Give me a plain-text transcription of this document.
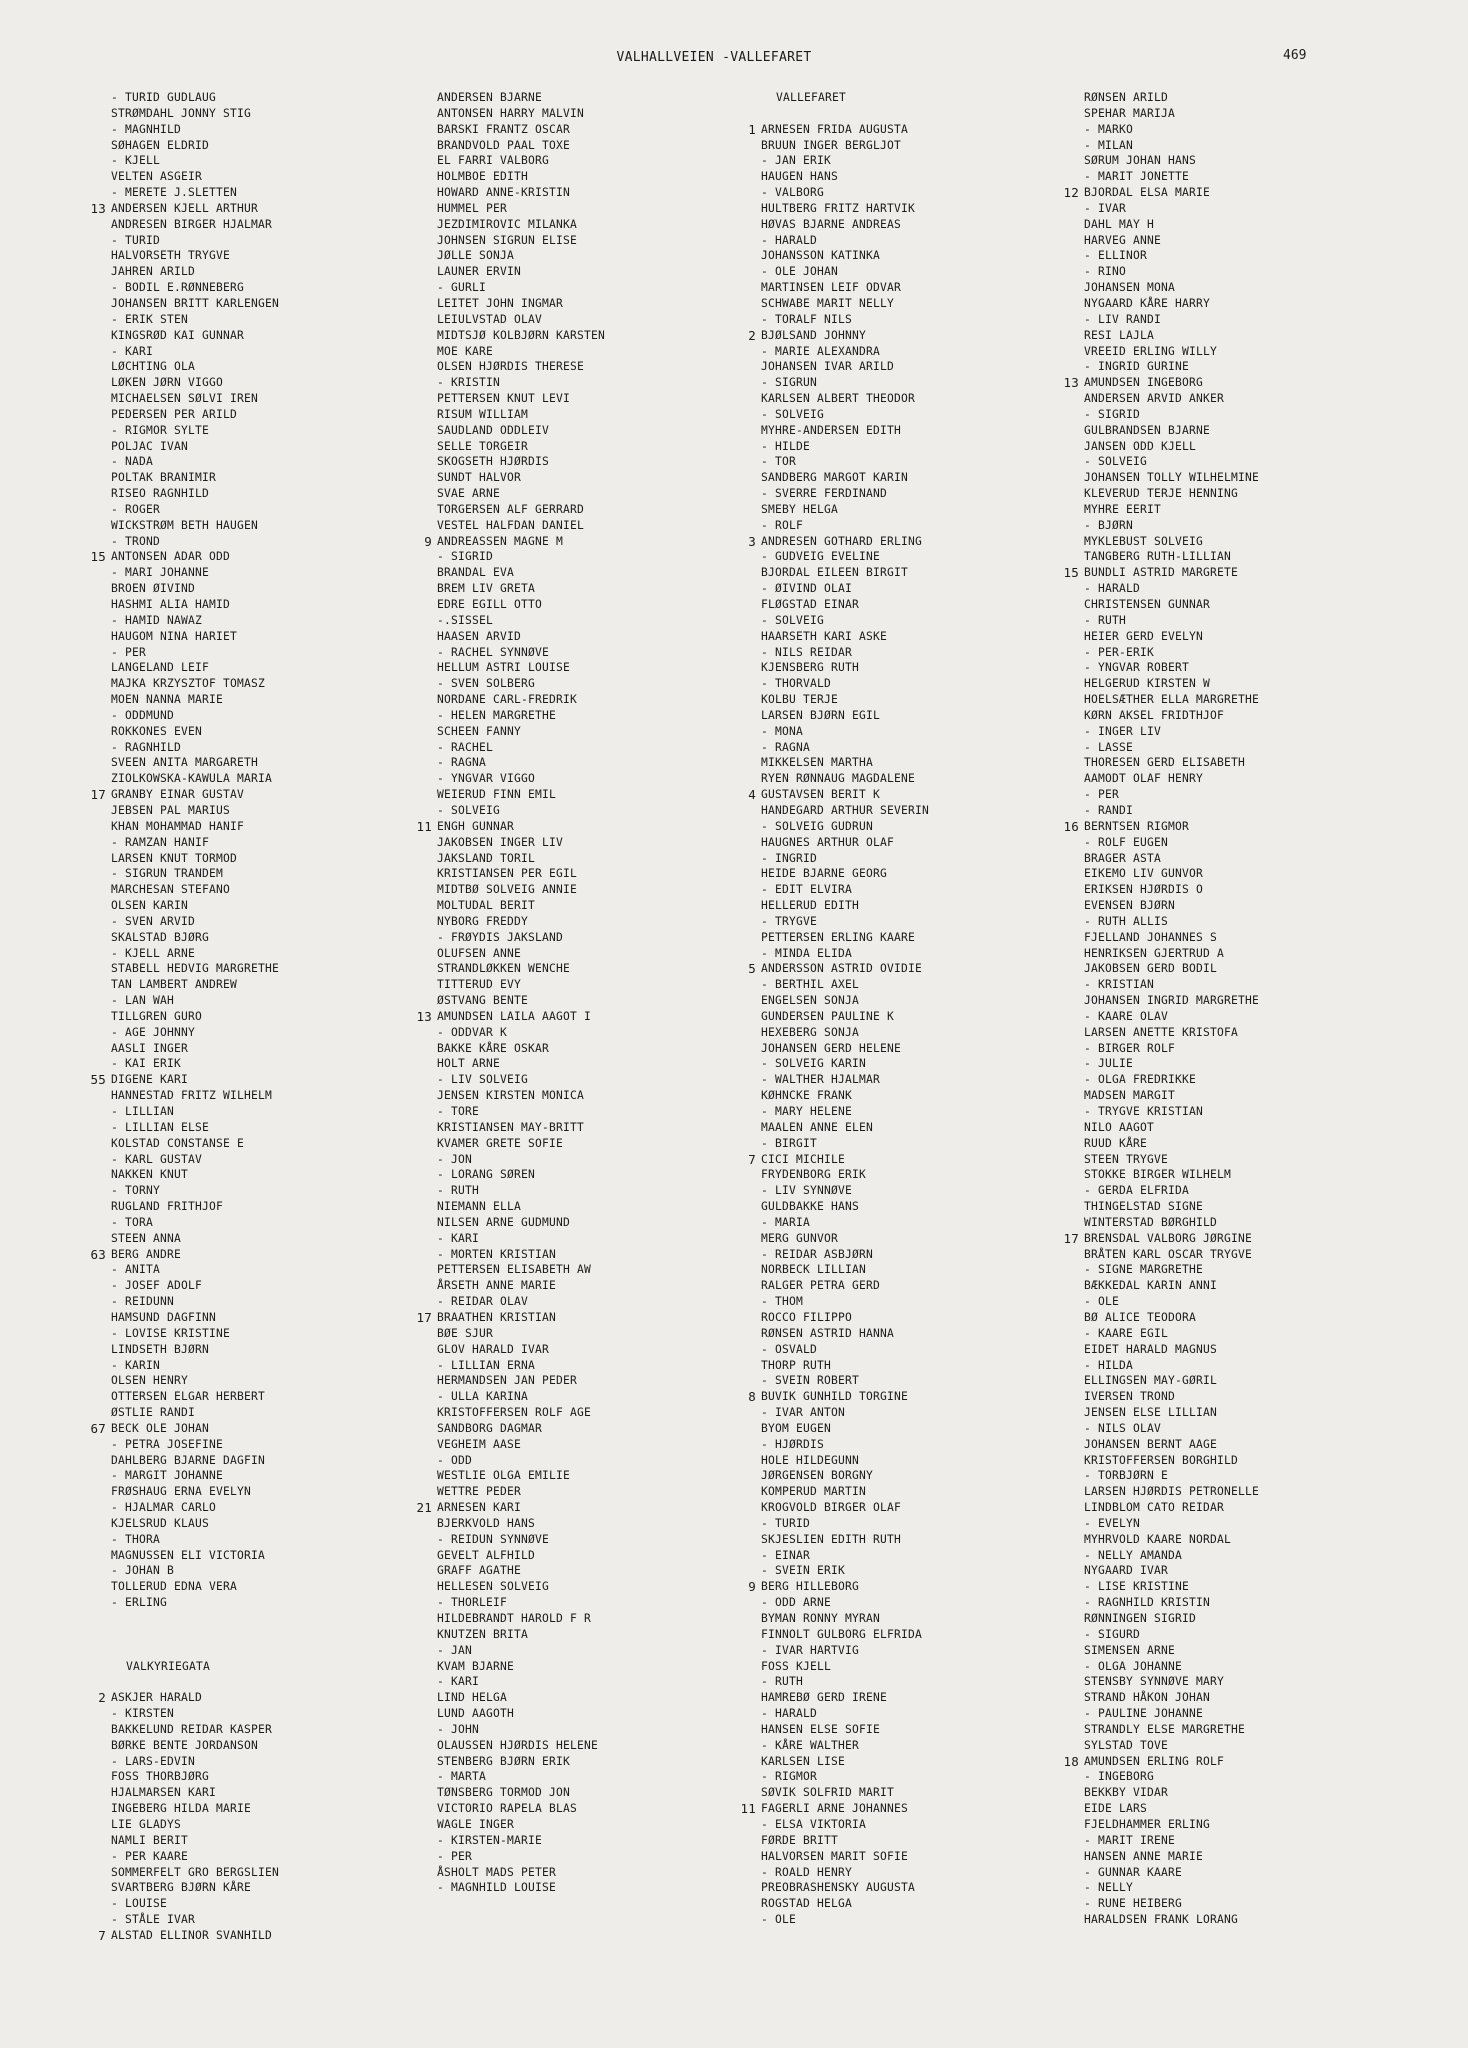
VALHALLVEIEN -VALLEFARET	469
- TURID GUDLAUG
STRØMDAHL JONNY STIG
- MAGNHILD
SØHAGEN ELDRID
- KJELL
VELTEN ASGEIR
- MERETE J.SLETTEN
13 ANDERSEN KJELL ARTHUR
ANDRESEN BIRGER HJALMAR
- TURID
HALVORSETH TRYGVE
JAHREN ARILD
- BODIL E.RØNNEBERG
JOHANSEN BRITT KARLENGEN
- ERIK STEN
KINGSRØD KAI GUNNAR
- KARI
LØCHTING OLA
LØKEN JØRN VIGGO
MICHAELSEN SØLVI IREN
PEDERSEN PER ARILD
- RIGMOR SYLTE
POLJAC IVAN
- NADA
POLTAK BRANIMIR
RISEO RAGNHILD
- ROGER
WICKSTRØM BETH HAUGEN
- TROND
15 ANTONSEN ADAR ODD
- MARI JOHANNE
BROEN ØIVIND
HASHMI ALIA HAMID
- HAMID NAWAZ
HAUGOM NINA HARIET
- PER
LANGELAND LEIF
MAJKA KRZYSZTOF TOMASZ
MOEN NANNA MARIE
- ODDMUND
ROKKONES EVEN
- RAGNHILD
SVEEN ANITA MARGARETH
ZIOLKOWSKA-KAWULA MARIA
17 GRANBY EINAR GUSTAV
JEBSEN PAL MARIUS
KHAN MOHAMMAD HANIF
- RAMZAN HANIF
LARSEN KNUT TORMOD
- SIGRUN TRANDEM
MARCHESAN STEFANO
OLSEN KARIN
- SVEN ARVID
SKALSTAD BJØRG
- KJELL ARNE
STABELL HEDVIG MARGRETHE
TAN LAMBERT ANDREW
- LAN WAH
TILLGREN GURO
- AGE JOHNNY
AASLI INGER
- KAI ERIK
55 DIGENE KARI
HANNESTAD FRITZ WILHELM
- LILLIAN
- LILLIAN ELSE
KOLSTAD CONSTANSE E
- KARL GUSTAV
NAKKEN KNUT
- TORNY
RUGLAND FRITHJOF
- TORA
STEEN ANNA
63 BERG ANDRE
- ANITA
- JOSEF ADOLF
- REIDUNN
HAMSUND DAGFINN
- LOVISE KRISTINE
LINDSETH BJØRN
- KARIN
OLSEN HENRY
OTTERSEN ELGAR HERBERT
ØSTLIE RANDI
67 BECK OLE JOHAN
- PETRA JOSEFINE
DAHLBERG BJARNE DAGFIN
- MARGIT JOHANNE
FRØSHAUG ERNA EVELYN
- HJALMAR CARLO
KJELSRUD KLAUS
- THORA
MAGNUSSEN ELI VICTORIA
- JOHAN B
TOLLERUD EDNA VERA
- ERLING
VALKYRIEGATA
2 ASKJER HARALD
- KIRSTEN
BAKKELUND REIDAR KASPER
BØRKE BENTE JORDANSON
- LARS-EDVIN
FOSS THORBJØRG
HJALMARSEN KARI
INGEBERG HILDA MARIE
LIE GLADYS
NAMLI BERIT
- PER KAARE
SOMMERFELT GRO BERGSLIEN
SVARTBERG BJØRN KÅRE
- LOUISE
- STÅLE IVAR
7 ALSTAD ELLINOR SVANHILD
ANDERSEN BJARNE
ANTONSEN HARRY MALVIN
BARSKI FRANTZ OSCAR
BRANDVOLD PAAL TOXE
EL FARRI VALBORG
HOLMBOE EDITH
HOWARD ANNE-KRISTIN
HUMMEL PER
JEZDIMIROVIC MILANKA
JOHNSEN SIGRUN ELISE
JØLLE SONJA
LAUNER ERVIN
- GURLI
LEITET JOHN INGMAR
LEIULVSTAD OLAV
MIDTSJØ KOLBJØRN KARSTEN
MOE KARE
OLSEN HJØRDIS THERESE
- KRISTIN
PETTERSEN KNUT LEVI
RISUM WILLIAM
SAUDLAND ODDLEIV
SELLE TORGEIR
SKOGSETH HJØRDIS
SUNDT HALVOR
SVAE ARNE
TORGERSEN ALF GERRARD
VESTEL HALFDAN DANIEL
9 ANDREASSEN MAGNE M
- SIGRID
BRANDAL EVA
BREM LIV GRETA
EDRE EGILL OTTO
-.SISSEL
HAASEN ARVID
- RACHEL SYNNØVE
HELLUM ASTRI LOUISE
- SVEN SOLBERG
NORDANE CARL-FREDRIK
- HELEN MARGRETHE
SCHEEN FANNY
- RACHEL
- RAGNA
- YNGVAR VIGGO
WEIERUD FINN EMIL
- SOLVEIG
11 ENGH GUNNAR
JAKOBSEN INGER LIV
JAKSLAND TORIL
KRISTIANSEN PER EGIL
MIDTBØ SOLVEIG ANNIE
MOLTUDAL BERIT
NYBORG FREDDY
- FRØYDIS JAKSLAND
OLUFSEN ANNE
STRANDLØKKEN WENCHE
TITTERUD EVY
ØSTVANG BENTE
13 AMUNDSEN LAILA AAGOT I
- ODDVAR K
BAKKE KÅRE OSKAR
HOLT ARNE
- LIV SOLVEIG
JENSEN KIRSTEN MONICA
- TORE
KRISTIANSEN MAY-BRITT
KVAMER GRETE SOFIE
- JON
- LORANG SØREN
- RUTH
NIEMANN ELLA
NILSEN ARNE GUDMUND
- KARI
- MORTEN KRISTIAN
PETTERSEN ELISABETH AW
ÅRSETH ANNE MARIE
- REIDAR OLAV
17 BRAATHEN KRISTIAN
BØE SJUR
GLOV HARALD IVAR
- LILLIAN ERNA
HERMANDSEN JAN PEDER
- ULLA KARINA
KRISTOFFERSEN ROLF AGE
SANDBORG DAGMAR
VEGHEIM AASE
- ODD
WESTLIE OLGA EMILIE
WETTRE PEDER
21 ARNESEN KARI
BJERKVOLD HANS
- REIDUN SYNNØVE
GEVELT ALFHILD
GRAFF AGATHE
HELLESEN SOLVEIG
- THORLEIF
HILDEBRANDT HAROLD F R
KNUTZEN BRITA
- JAN
KVAM BJARNE
- KARI
LIND HELGA
LUND AAGOTH
- JOHN
OLAUSSEN HJØRDIS HELENE
STENBERG BJØRN ERIK
- MARTA
TØNSBERG TORMOD JON
VICTORIO RAPELA BLAS
WAGLE INGER
- KIRSTEN-MARIE
- PER
ÅSHOLT MADS PETER
- MAGNHILD LOUISE
VALLEFARET
1 ARNESEN FRIDA AUGUSTA
BRUUN INGER BERGLJOT
- JAN ERIK
HAUGEN HANS
- VALBORG
HULTBERG FRITZ HARTVIK
HØVAS BJARNE ANDREAS
- HARALD
JOHANSSON KATINKA
- OLE JOHAN
MARTINSEN LEIF ODVAR
SCHWABE MARIT NELLY
- TORALF NILS
2 BJØLSAND JOHNNY
- MARIE ALEXANDRA
JOHANSEN IVAR ARILD
- SIGRUN
KARLSEN ALBERT THEODOR
- SOLVEIG
MYHRE-ANDERSEN EDITH
- HILDE
- TOR
SANDBERG MARGOT KARIN
- SVERRE FERDINAND
SMEBY HELGA
- ROLF
3 ANDRESEN GOTHARD ERLING
- GUDVEIG EVELINE
BJORDAL EILEEN BIRGIT
- ØIVIND OLAI
FLØGSTAD EINAR
- SOLVEIG
HAARSETH KARI ASKE
- NILS REIDAR
KJENSBERG RUTH
- THORVALD
KOLBU TERJE
LARSEN BJØRN EGIL
- MONA
- RAGNA
MIKKELSEN MARTHA
RYEN RØNNAUG MAGDALENE
4 GUSTAVSEN BERIT K
HANDEGARD ARTHUR SEVERIN
- SOLVEIG GUDRUN
HAUGNES ARTHUR OLAF
- INGRID
HEIDE BJARNE GEORG
- EDIT ELVIRA
HELLERUD EDITH
- TRYGVE
PETTERSEN ERLING KAARE
- MINDA ELIDA
5 ANDERSSON ASTRID OVIDIE
- BERTHIL AXEL
ENGELSEN SONJA
GUNDERSEN PAULINE K
HEXEBERG SONJA
JOHANSEN GERD HELENE
- SOLVEIG KARIN
- WALTHER HJALMAR
KØHNCKE FRANK
- MARY HELENE
MAALEN ANNE ELEN
- BIRGIT
7 CICI MICHILE
FRYDENBORG ERIK
- LIV SYNNØVE
GULDBAKKE HANS
- MARIA
MERG GUNVOR
- REIDAR ASBJØRN
NORBECK LILLIAN
RALGER PETRA GERD
- THOM
ROCCO FILIPPO
RØNSEN ASTRID HANNA
- OSVALD
THORP RUTH
- SVEIN ROBERT
8 BUVIK GUNHILD TORGINE
- IVAR ANTON
BYOM EUGEN
- HJØRDIS
HOLE HILDEGUNN
JØRGENSEN BORGNY
KOMPERUD MARTIN
KROGVOLD BIRGER OLAF
- TURID
SKJESLIEN EDITH RUTH
- EINAR
- SVEIN ERIK
9 BERG HILLEBORG
- ODD ARNE
BYMAN RONNY MYRAN
FINNOLT GULBORG ELFRIDA
- IVAR HARTVIG
FOSS KJELL
- RUTH
HAMREBØ GERD IRENE
- HARALD
HANSEN ELSE SOFIE
- KÅRE WALTHER
KARLSEN LISE
- RIGMOR
SØVIK SOLFRID MARIT
11 FAGERLI ARNE JOHANNES
- ELSA VIKTORIA
FØRDE BRITT
HALVORSEN MARIT SOFIE
- ROALD HENRY
PREOBRASHENSKY AUGUSTA
ROGSTAD HELGA
- OLE
RØNSEN ARILD
SPEHAR MARIJA
- MARKO
- MILAN
SØRUM JOHAN HANS
- MARIT JONETTE
12 BJORDAL ELSA MARIE
- IVAR
DAHL MAY H
HARVEG ANNE
- ELLINOR
- RINO
JOHANSEN MONA
NYGAARD KÅRE HARRY
- LIV RANDI
RESI LAJLA
VREEID ERLING WILLY
- INGRID GURINE
13 AMUNDSEN INGEBORG
ANDERSEN ARVID ANKER
- SIGRID
GULBRANDSEN BJARNE
JANSEN ODD KJELL
- SOLVEIG
JOHANSEN TOLLY WILHELMINE
KLEVERUD TERJE HENNING
MYHRE EERIT
- BJØRN
MYKLEBUST SOLVEIG
TANGBERG RUTH-LILLIAN
15 BUNDLI ASTRID MARGRETE
- HARALD
CHRISTENSEN GUNNAR
- RUTH
HEIER GERD EVELYN
- PER-ERIK
- YNGVAR ROBERT
HELGERUD KIRSTEN W
HOELSÆTHER ELLA MARGRETHE
KØRN AKSEL FRIDTHJOF
- INGER LIV
- LASSE
THORESEN GERD ELISABETH
AAMODT OLAF HENRY
- PER
- RANDI
16 BERNTSEN RIGMOR
- ROLF EUGEN
BRAGER ASTA
EIKEMO LIV GUNVOR
ERIKSEN HJØRDIS O
EVENSEN BJØRN
- RUTH ALLIS
FJELLAND JOHANNES S
HENRIKSEN GJERTRUD A
JAKOBSEN GERD BODIL
- KRISTIAN
JOHANSEN INGRID MARGRETHE
- KAARE OLAV
LARSEN ANETTE KRISTOFA
- BIRGER ROLF
- JULIE
- OLGA FREDRIKKE
MADSEN MARGIT
- TRYGVE KRISTIAN
NILO AAGOT
RUUD KÅRE
STEEN TRYGVE
STOKKE BIRGER WILHELM
- GERDA ELFRIDA
THINGELSTAD SIGNE
WINTERSTAD BØRGHILD
17 BRENSDAL VALBORG JØRGINE
BRÅTEN KARL OSCAR TRYGVE
- SIGNE MARGRETHE
BÆKKEDAL KARIN ANNI
- OLE
BØ ALICE TEODORA
- KAARE EGIL
EIDET HARALD MAGNUS
- HILDA
ELLINGSEN MAY-GØRIL
IVERSEN TROND
JENSEN ELSE LILLIAN
- NILS OLAV
JOHANSEN BERNT AAGE
KRISTOFFERSEN BORGHILD
- TORBJØRN E
LARSEN HJØRDIS PETRONELLE
LINDBLOM CATO REIDAR
- EVELYN
MYHRVOLD KAARE NORDAL
- NELLY AMANDA
NYGAARD IVAR
- LISE KRISTINE
- RAGNHILD KRISTIN
RØNNINGEN SIGRID
- SIGURD
SIMENSEN ARNE
- OLGA JOHANNE
STENSBY SYNNØVE MARY
STRAND HÅKON JOHAN
- PAULINE JOHANNE
STRANDLY ELSE MARGRETHE
SYLSTAD TOVE
18 AMUNDSEN ERLING ROLF
- INGEBORG
BEKKBY VIDAR
EIDE LARS
FJELDHAMMER ERLING
- MARIT IRENE
HANSEN ANNE MARIE
- GUNNAR KAARE
- NELLY
- RUNE HEIBERG
HARALDSEN FRANK LORANG
